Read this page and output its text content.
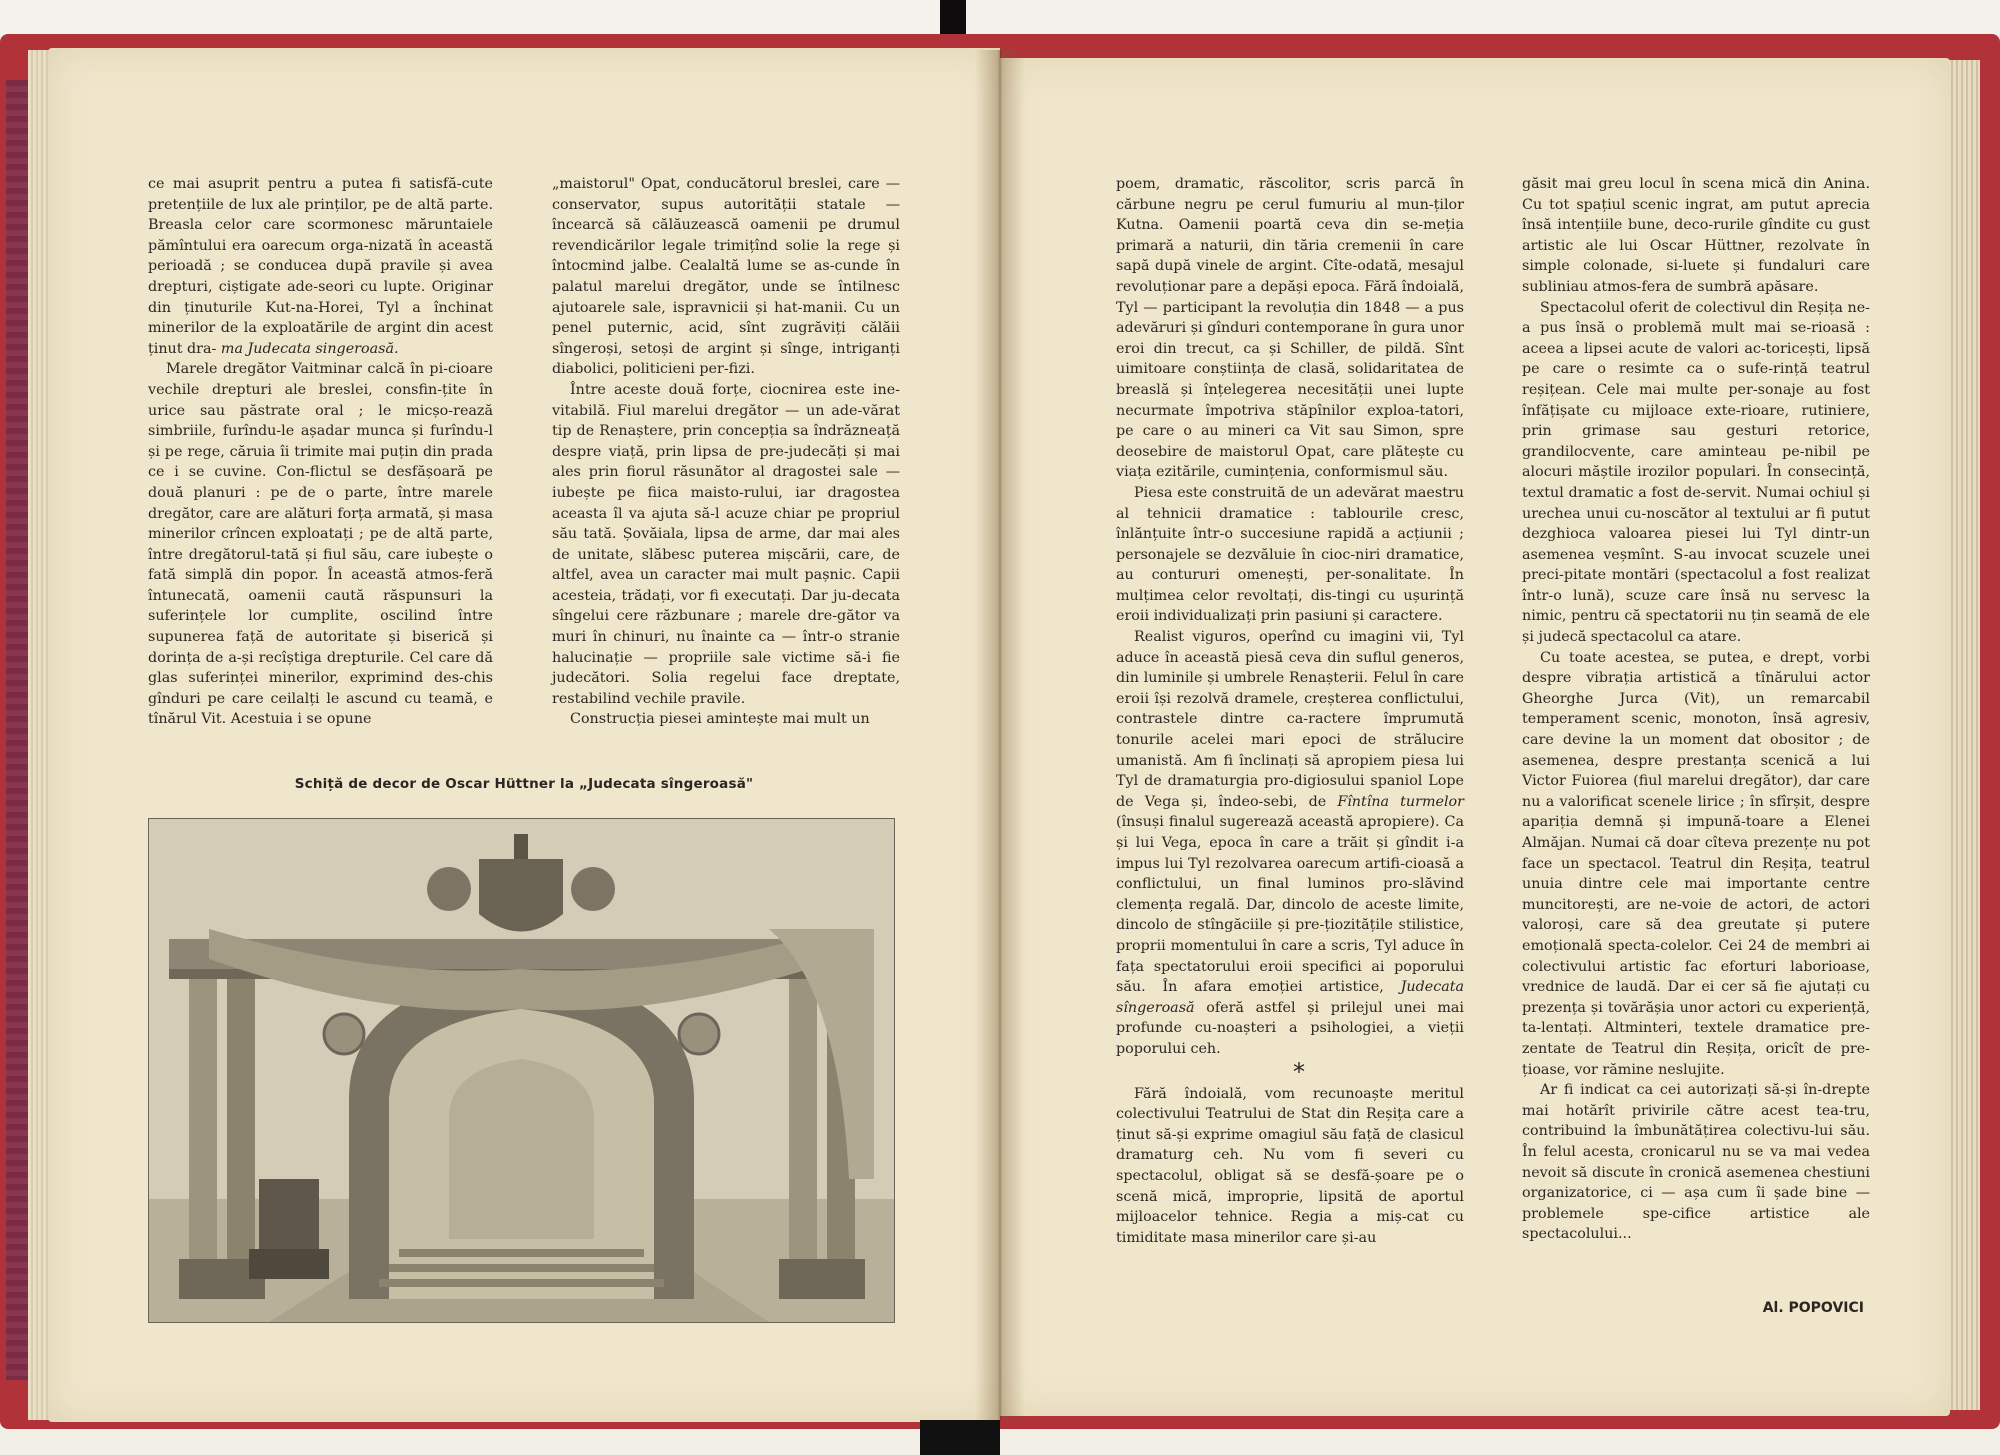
ce mai asuprit pentru a putea fi satisfă-cute pretențiile de lux ale prinților, pe de altă parte. Breasla celor care scormonesc măruntaiele pămîntului era oarecum orga-nizată în această perioadă ; se conducea după pravile și avea drepturi, ciștigate ade-seori cu lupte. Originar din ținuturile Kut-na-Horei, Tyl a închinat minerilor de la exploatările de argint din acest ținut dra- ma Judecata singeroasă.

Marele dregător Vaitminar calcă în pi-cioare vechile drepturi ale breslei, consfin-țite în urice sau păstrate oral ; le micșo-rează simbriile, furîndu-le așadar munca și furîndu-l și pe rege, căruia îi trimite mai puțin din prada ce i se cuvine. Con-flictul se desfășoară pe două planuri : pe de o parte, între marele dregător, care are alături forța armată, și masa minerilor crîncen exploatați ; pe de altă parte, între dregătorul-tată și fiul său, care iubește o fată simplă din popor. În această atmos-feră întunecată, oamenii caută răspunsuri la suferințele lor cumplite, oscilind între supunerea față de autoritate și biserică și dorința de a-și recîștiga drepturile. Cel care dă glas suferinței minerilor, exprimind des-chis gînduri pe care ceilalți le ascund cu teamă, e tînărul Vit. Acestuia i se opune

„maistorul" Opat, conducătorul breslei, care — conservator, supus autorității statale — încearcă să călăuzească oamenii pe drumul revendicărilor legale trimițînd solie la rege și întocmind jalbe. Cealaltă lume se as-cunde în palatul marelui dregător, unde se întilnesc ajutoarele sale, ispravnicii și hat-manii. Cu un penel puternic, acid, sînt zugrăviți călăii sîngeroși, setoși de argint și sînge, intriganți diabolici, politicieni per-fizi.

Între aceste două forțe, ciocnirea este ine-vitabilă. Fiul marelui dregător — un ade-vărat tip de Renaștere, prin concepția sa îndrăzneață despre viață, prin lipsa de pre-judecăți și mai ales prin fiorul răsunător al dragostei sale — iubește pe fiica maisto-rului, iar dragostea aceasta îl va ajuta să-l acuze chiar pe propriul său tată. Șovăiala, lipsa de arme, dar mai ales de unitate, slăbesc puterea mișcării, care, de altfel, avea un caracter mai mult pașnic. Capii acesteia, trădați, vor fi executați. Dar ju-decata sîngelui cere răzbunare ; marele dre-gător va muri în chinuri, nu înainte ca — într-o stranie halucinație — propriile sale victime să-i fie judecători. Solia regelui face dreptate, restabilind vechile pravile.

Construcția piesei amintește mai mult un

Schiță de decor de Oscar Hüttner la „Judecata sîngeroasă"

poem, dramatic, răscolitor, scris parcă în cărbune negru pe cerul fumuriu al mun-ților Kutna. Oamenii poartă ceva din se-meția primară a naturii, din tăria cremenii în care sapă după vinele de argint. Cîte-odată, mesajul revoluționar pare a depăși epoca. Fără îndoială, Tyl — participant la revoluția din 1848 — a pus adevăruri și gînduri contemporane în gura unor eroi din trecut, ca și Schiller, de pildă. Sînt uimitoare conștiința de clasă, solidaritatea de breaslă și înțelegerea necesității unei lupte necurmate împotriva stăpînilor exploa-tatori, pe care o au mineri ca Vit sau Simon, spre deosebire de maistorul Opat, care plătește cu viața ezitările, cumințenia, conformismul său.

Piesa este construită de un adevărat maestru al tehnicii dramatice : tablourile cresc, înlănțuite într-o succesiune rapidă a acțiunii ; personajele se dezvăluie în cioc-niri dramatice, au contururi omenești, per-sonalitate. În mulțimea celor revoltați, dis-tingi cu ușurință eroii individualizați prin pasiuni și caractere.

Realist viguros, operînd cu imagini vii, Tyl aduce în această piesă ceva din suflul generos, din luminile și umbrele Renașterii. Felul în care eroii își rezolvă dramele, creșterea conflictului, contrastele dintre ca-ractere împrumută tonurile acelei mari epoci de strălucire umanistă. Am fi înclinați să apropiem piesa lui Tyl de dramaturgia pro-digiosului spaniol Lope de Vega și, îndeo-sebi, de Fîntîna turmelor (însuși finalul sugerează această apropiere). Ca și lui Vega, epoca în care a trăit și gîndit i-a impus lui Tyl rezolvarea oarecum artifi-cioasă a conflictului, un final luminos pro-slăvind clemența regală. Dar, dincolo de aceste limite, dincolo de stîngăciile și pre-țiozitățile stilistice, proprii momentului în care a scris, Tyl aduce în fața spectatorului eroii specifici ai poporului său. În afara emoției artistice, Judecata sîngeroasă oferă astfel și prilejul unei mai profunde cu-noașteri a psihologiei, a vieții poporului ceh.

*

Fără îndoială, vom recunoaște meritul colectivului Teatrului de Stat din Reșița care a ținut să-și exprime omagiul său față de clasicul dramaturg ceh. Nu vom fi severi cu spectacolul, obligat să se desfă-șoare pe o scenă mică, improprie, lipsită de aportul mijloacelor tehnice. Regia a miș-cat cu timiditate masa minerilor care și-au

găsit mai greu locul în scena mică din Anina. Cu tot spațiul scenic ingrat, am putut aprecia însă intențiile bune, deco-rurile gîndite cu gust artistic ale lui Oscar Hüttner, rezolvate în simple colonade, si-luete și fundaluri care subliniau atmos-fera de sumbră apăsare.

Spectacolul oferit de colectivul din Reșița ne-a pus însă o problemă mult mai se-rioasă : aceea a lipsei acute de valori ac-toricești, lipsă pe care o resimte ca o sufe-rință teatrul reșițean. Cele mai multe per-sonaje au fost înfățișate cu mijloace exte-rioare, rutiniere, prin grimase sau gesturi retorice, grandilocvente, care aminteau pe-nibil pe alocuri măștile irozilor populari. În consecință, textul dramatic a fost de-servit. Numai ochiul și urechea unui cu-noscător al textului ar fi putut dezghioca valoarea piesei lui Tyl dintr-un asemenea veșmînt. S-au invocat scuzele unei preci-pitate montări (spectacolul a fost realizat într-o lună), scuze care însă nu servesc la nimic, pentru că spectatorii nu țin seamă de ele și judecă spectacolul ca atare.

Cu toate acestea, se putea, e drept, vorbi despre vibrația artistică a tînărului actor Gheorghe Jurca (Vit), un remarcabil temperament scenic, monoton, însă agresiv, care devine la un moment dat obositor ; de asemenea, despre prestanța scenică a lui Victor Fuiorea (fiul marelui dregător), dar care nu a valorificat scenele lirice ; în sfîrșit, despre apariția demnă și impună-toare a Elenei Almăjan. Numai că doar cîteva prezențe nu pot face un spectacol. Teatrul din Reșița, teatrul unuia dintre cele mai importante centre muncitorești, are ne-voie de actori, de actori valoroși, care să dea greutate și putere emoțională specta-colelor. Cei 24 de membri ai colectivului artistic fac eforturi laborioase, vrednice de laudă. Dar ei cer să fie ajutați cu prezența și tovărășia unor actori cu experiență, ta-lentați. Altminteri, textele dramatice pre-zentate de Teatrul din Reșița, oricît de pre-țioase, vor rămine neslujite.

Ar fi indicat ca cei autorizați să-și în-drepte mai hotărît privirile către acest tea-tru, contribuind la îmbunătățirea colectivu-lui său. În felul acesta, cronicarul nu se va mai vedea nevoit să discute în cronică asemenea chestiuni organizatorice, ci — așa cum îi șade bine — problemele spe-cifice artistice ale spectacolului...

Al. POPOVICI
